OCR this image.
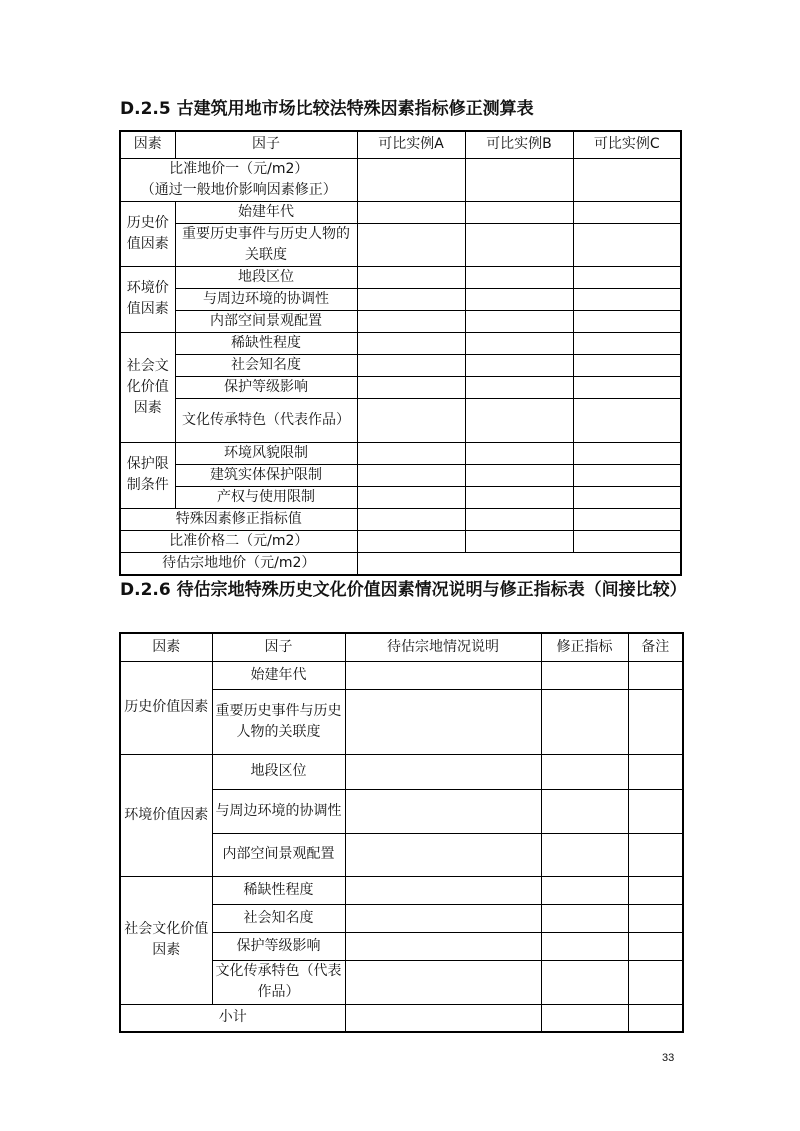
D.2.5 古建筑用地市场比较法特殊因素指标修正测算表
因素	因子	可比实例A	可比实例B	可比实例C

比准地价一（元/m2）
（通过一般地价影响因素修正）				

历史价值因素	始建年代			
	重要历史事件与历史人物的关联度			
环境价值因素	地段区位			
	与周边环境的协调性			
	内部空间景观配置			
社会文化价值因素	稀缺性程度			
	社会知名度			
	保护等级影响			
	文化传承特色（代表作品）			
保护限制条件	环境风貌限制			
	建筑实体保护限制			
	产权与使用限制			
特殊因素修正指标值				
比准价格二（元/m2）				
待估宗地地价（元/m2）				
D.2.6 待估宗地特殊历史文化价值因素情况说明与修正指标表（间接比较）
因素	因子	待估宗地情况说明	修正指标	备注
历史价值因素	始建年代			
	重要历史事件与历史人物的关联度			
环境价值因素	地段区位			
	与周边环境的协调性			
	内部空间景观配置			
社会文化价值因素	稀缺性程度			
	社会知名度			
	保护等级影响			
	文化传承特色（代表作品）			
小计				
33
